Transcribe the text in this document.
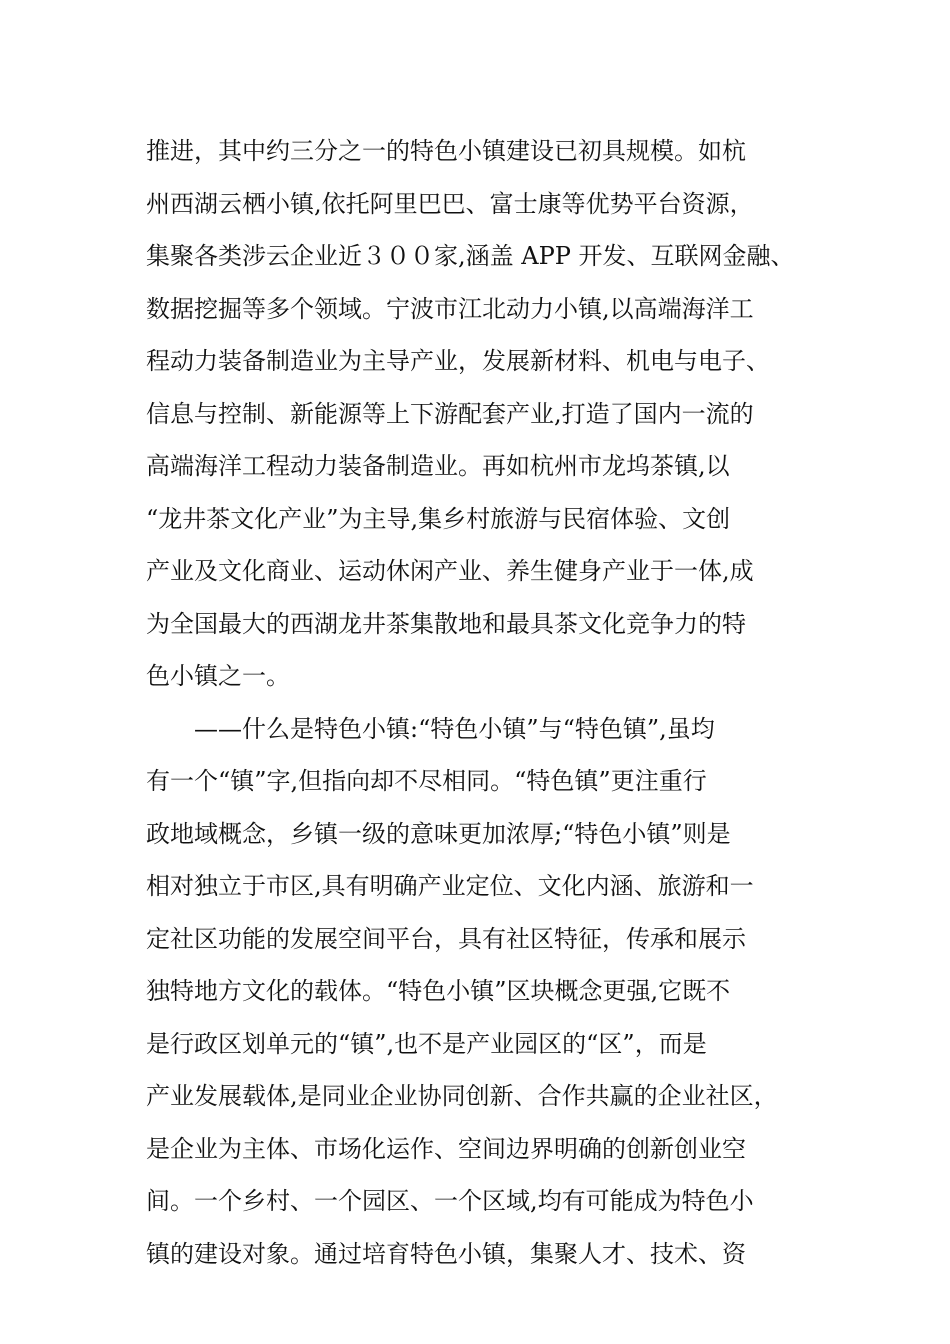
推进，其中约三分之一的特色小镇建设已初具规模。如杭
州西湖云栖小镇,依托阿里巴巴、富士康等优势平台资源，
集聚各类涉云企业近３００家,涵盖 APP 开发、互联网金融、
数据挖掘等多个领域。宁波市江北动力小镇,以高端海洋工
程动力装备制造业为主导产业，发展新材料、机电与电子、
信息与控制、新能源等上下游配套产业,打造了国内一流的
高端海洋工程动力装备制造业。再如杭州市龙坞茶镇,以
“龙井茶文化产业”为主导,集乡村旅游与民宿体验、文创
产业及文化商业、运动休闲产业、养生健身产业于一体,成
为全国最大的西湖龙井茶集散地和最具茶文化竞争力的特
色小镇之一。
——什么是特色小镇:“特色小镇”与“特色镇”,虽均
有一个“镇”字,但指向却不尽相同。“特色镇”更注重行
政地域概念，乡镇一级的意味更加浓厚;“特色小镇”则是
相对独立于市区,具有明确产业定位、文化内涵、旅游和一
定社区功能的发展空间平台，具有社区特征，传承和展示
独特地方文化的载体。“特色小镇”区块概念更强,它既不
是行政区划单元的“镇”,也不是产业园区的“区”，而是
产业发展载体,是同业企业协同创新、合作共赢的企业社区，
是企业为主体、市场化运作、空间边界明确的创新创业空
间。一个乡村、一个园区、一个区域,均有可能成为特色小
镇的建设对象。通过培育特色小镇，集聚人才、技术、资
